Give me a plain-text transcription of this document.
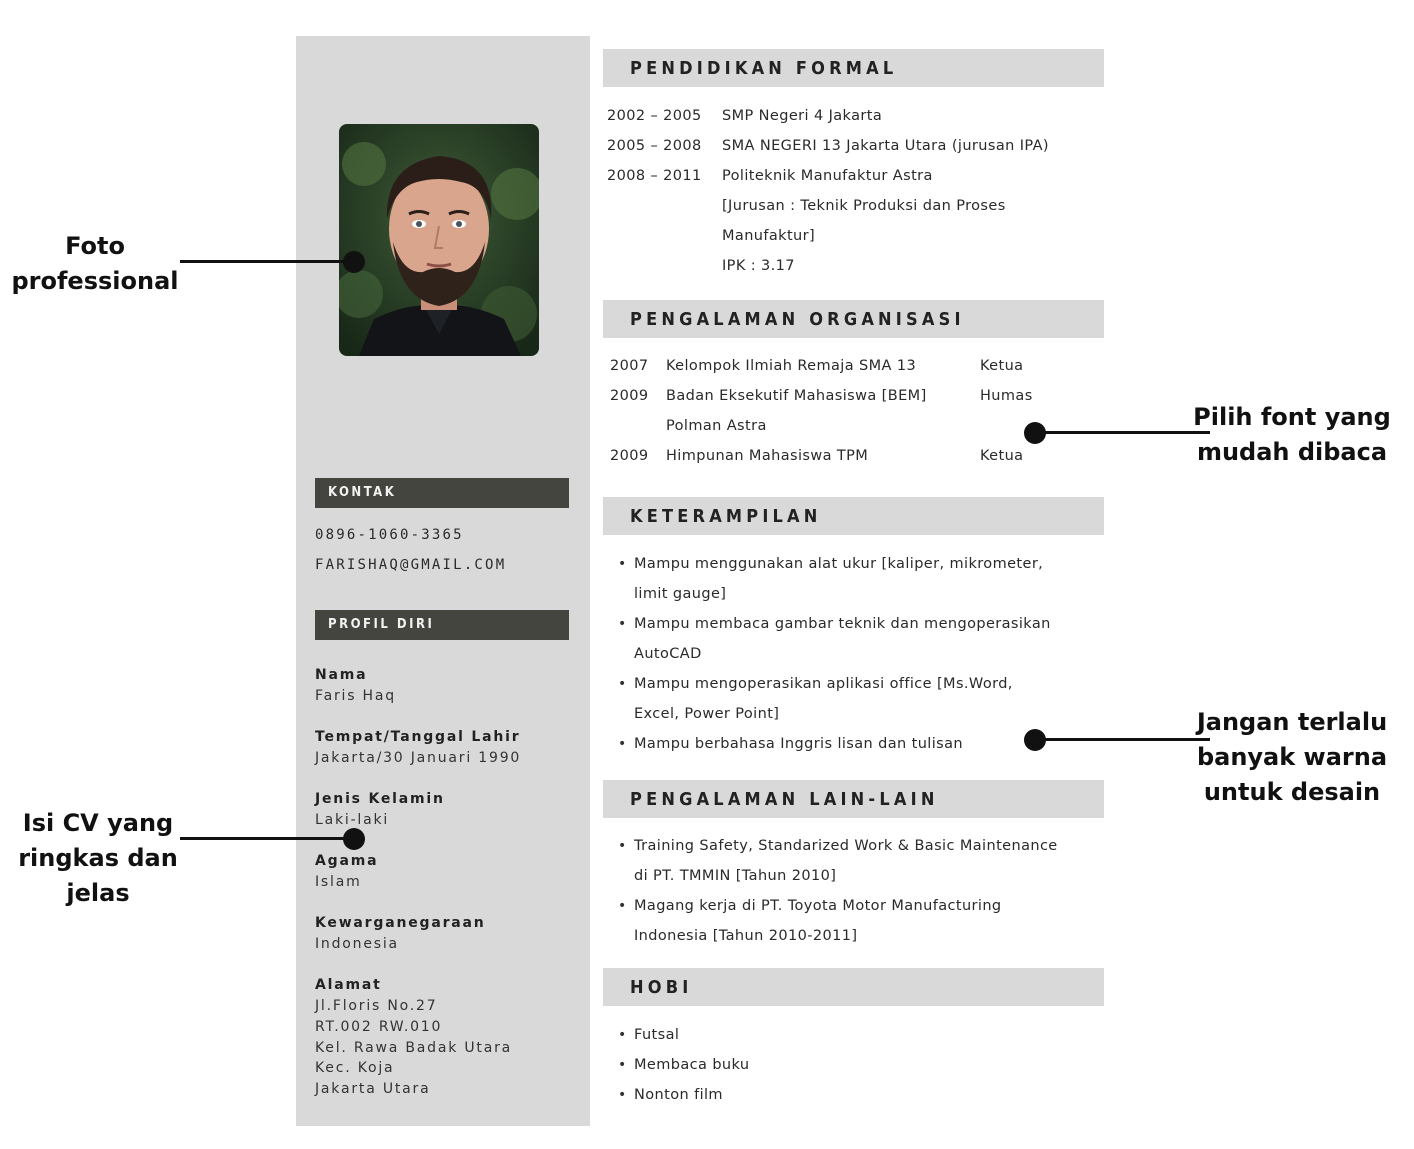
KONTAK
0896-1060-3365
FARISHAQ@GMAIL.COM
PROFIL DIRI
Nama
Faris Haq
Tempat/Tanggal Lahir
Jakarta/30 Januari 1990
Jenis Kelamin
Laki-laki
Agama
Islam
Kewarganegaraan
Indonesia
Alamat
Jl.Floris No.27
RT.002 RW.010
Kel. Rawa Badak Utara
Kec. Koja
Jakarta Utara
PENDIDIKAN FORMAL
2002 – 2005 SMP Negeri 4 Jakarta
2005 – 2008 SMA NEGERI 13 Jakarta Utara (jurusan IPA)
2008 – 2011 Politeknik Manufaktur Astra
[Jurusan : Teknik Produksi dan Proses
Manufaktur]
IPK : 3.17
PENGALAMAN ORGANISASI
2007 Kelompok Ilmiah Remaja SMA 13	Ketua
2009 Badan Eksekutif Mahasiswa [BEM]	Humas
Polman Astra
2009 Himpunan Mahasiswa TPM	Ketua
KETERAMPILAN
• Mampu menggunakan alat ukur [kaliper, mikrometer,
limit gauge]
• Mampu membaca gambar teknik dan mengoperasikan
AutoCAD
• Mampu mengoperasikan aplikasi office [Ms.Word,
Excel, Power Point]
• Mampu berbahasa Inggris lisan dan tulisan
PENGALAMAN LAIN-LAIN
• Training Safety, Standarized Work & Basic Maintenance
di PT. TMMIN [Tahun 2010]
• Magang kerja di PT. Toyota Motor Manufacturing
Indonesia [Tahun 2010-2011]
HOBI
• Futsal
• Membaca buku
• Nonton film
Foto
professional
Isi CV yang
ringkas dan
jelas
Pilih font yang
mudah dibaca
Jangan terlalu
banyak warna
untuk desain
